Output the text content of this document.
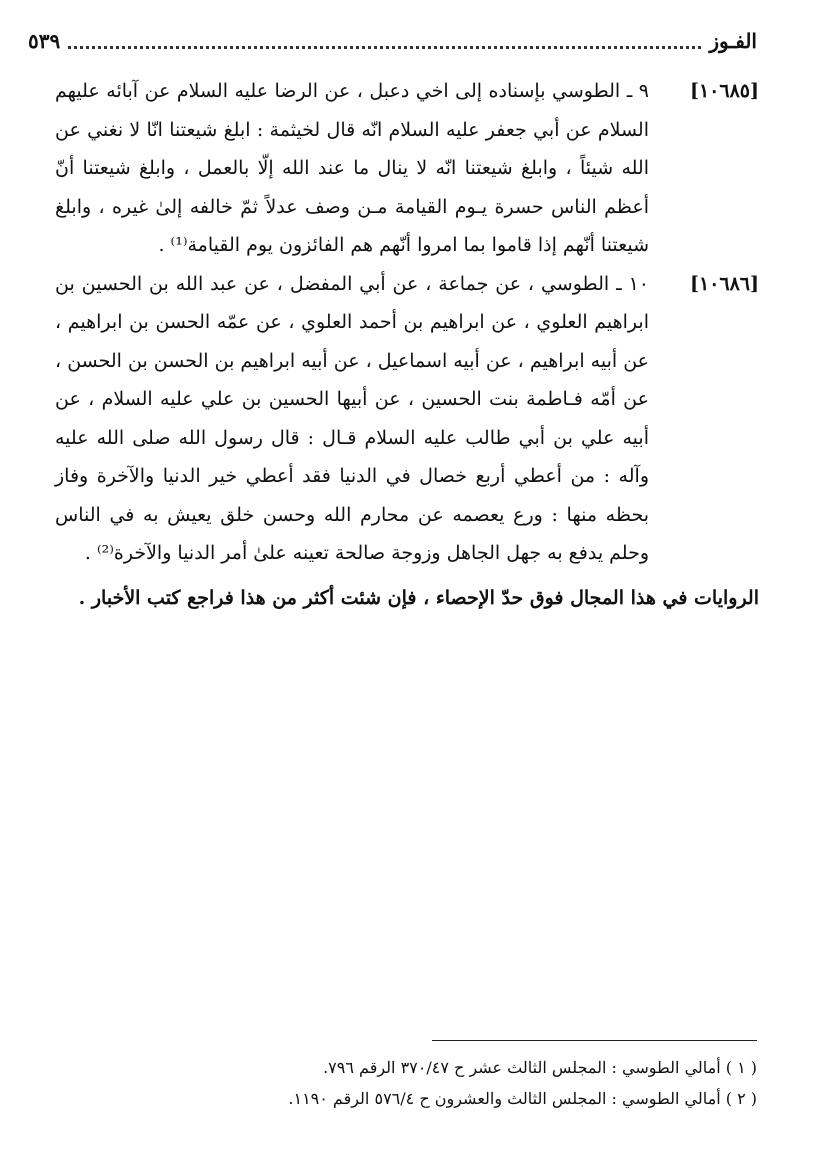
الفـوز
٥٣٩

[١٠٦٨٥]٩ ـ الطوسي بإسناده إلى اخي دعبل ، عن الرضا عليه السلام عن آبائه عليهم السلام عن أبي جعفر عليه السلام انّه قال لخيثمة : ابلغ شيعتنا انّا لا نغني عن الله شيئاً ، وابلغ شيعتنا انّه لا ينال ما عند الله إلّا بالعمل ، وابلغ شيعتنا أنّ أعظم الناس حسرة يـوم القيامة مـن وصف عدلاً ثمّ خالفه إلىٰ غيره ، وابلغ شيعتنا أنّهم إذا قاموا بما امروا أنّهم هم الفائزون يوم القيامة⁽¹⁾ .

[١٠٦٨٦]١٠ ـ الطوسي ، عن جماعة ، عن أبي المفضل ، عن عبد الله بن الحسين بن ابراهيم العلوي ، عن ابراهيم بن أحمد العلوي ، عن عمّه الحسن بن ابراهيم ، عن أبيه ابراهيم ، عن أبيه اسماعيل ، عن أبيه ابراهيم بن الحسن بن الحسن ، عن أمّه فـاطمة بنت الحسين ، عن أبيها الحسين بن علي عليه السلام ، عن أبيه علي بن أبي طالب عليه السلام قـال : قال رسول الله صلى الله عليه وآله : من أعطي أربع خصال في الدنيا فقد أعطي خير الدنيا والآخرة وفاز بحظه منها : ورع يعصمه عن محارم الله وحسن خلق يعيش به في الناس وحلم يدفع به جهل الجاهل وزوجة صالحة تعينه علىٰ أمر الدنيا والآخرة⁽²⁾ .

الروايات في هذا المجال فوق حدّ الإحصاء ، فإن شئت أكثر من هذا فراجع كتب الأخبار .

( ١ ) أمالي الطوسي : المجلس الثالث عشر ح ٣٧٠/٤٧ الرقم ٧٩٦.
( ٢ ) أمالي الطوسي : المجلس الثالث والعشرون ح ٥٧٦/٤ الرقم ١١٩٠.
